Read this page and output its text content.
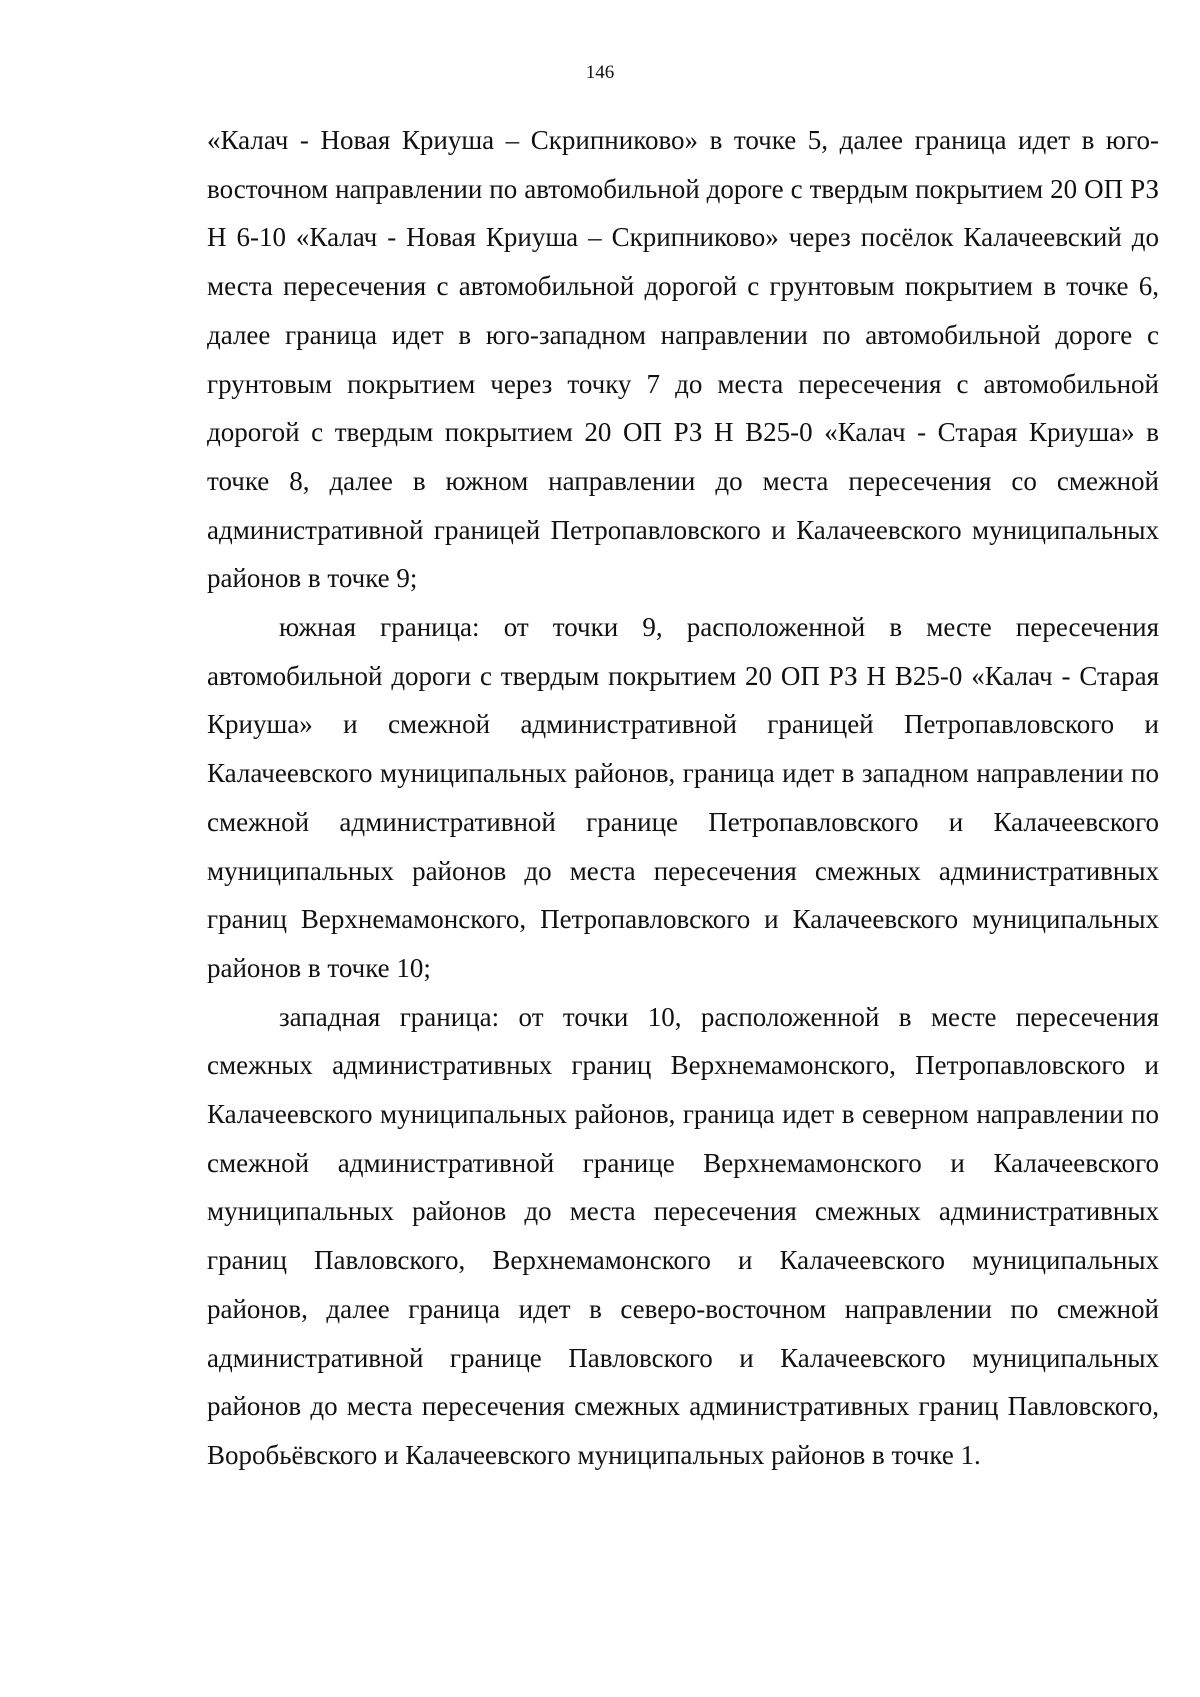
146

«Калач - Новая Криуша – Скрипниково» в точке 5, далее граница идет в юго-восточном направлении по автомобильной дороге с твердым покрытием 20 ОП РЗ Н 6-10 «Калач - Новая Криуша – Скрипниково» через посёлок Калачеевский до места пересечения с автомобильной дорогой с грунтовым покрытием в точке 6, далее граница идет в юго-западном направлении по автомобильной дороге с грунтовым покрытием через точку 7 до места пересечения с автомобильной дорогой с твердым покрытием 20 ОП РЗ Н В25-0 «Калач - Старая Криуша» в точке 8, далее в южном направлении до места пересечения со смежной административной границей Петропавловского и Калачеевского муниципальных районов в точке 9;

южная граница: от точки 9, расположенной в месте пересечения автомобильной дороги с твердым покрытием 20 ОП РЗ Н В25-0 «Калач - Старая Криуша» и смежной административной границей Петропавловского и Калачеевского муниципальных районов, граница идет в западном направлении по смежной административной границе Петропавловского и Калачеевского муниципальных районов до места пересечения смежных административных границ Верхнемамонского, Петропавловского и Калачеевского муниципальных районов в точке 10;

западная граница: от точки 10, расположенной в месте пересечения смежных административных границ Верхнемамонского, Петропавловского и Калачеевского муниципальных районов, граница идет в северном направлении по смежной административной границе Верхнемамонского и Калачеевского муниципальных районов до места пересечения смежных административных границ Павловского, Верхнемамонского и Калачеевского муниципальных районов, далее граница идет в северо-восточном направлении по смежной административной границе Павловского и Калачеевского муниципальных районов до места пересечения смежных административных границ Павловского, Воробьёвского и Калачеевского муниципальных районов в точке 1.
